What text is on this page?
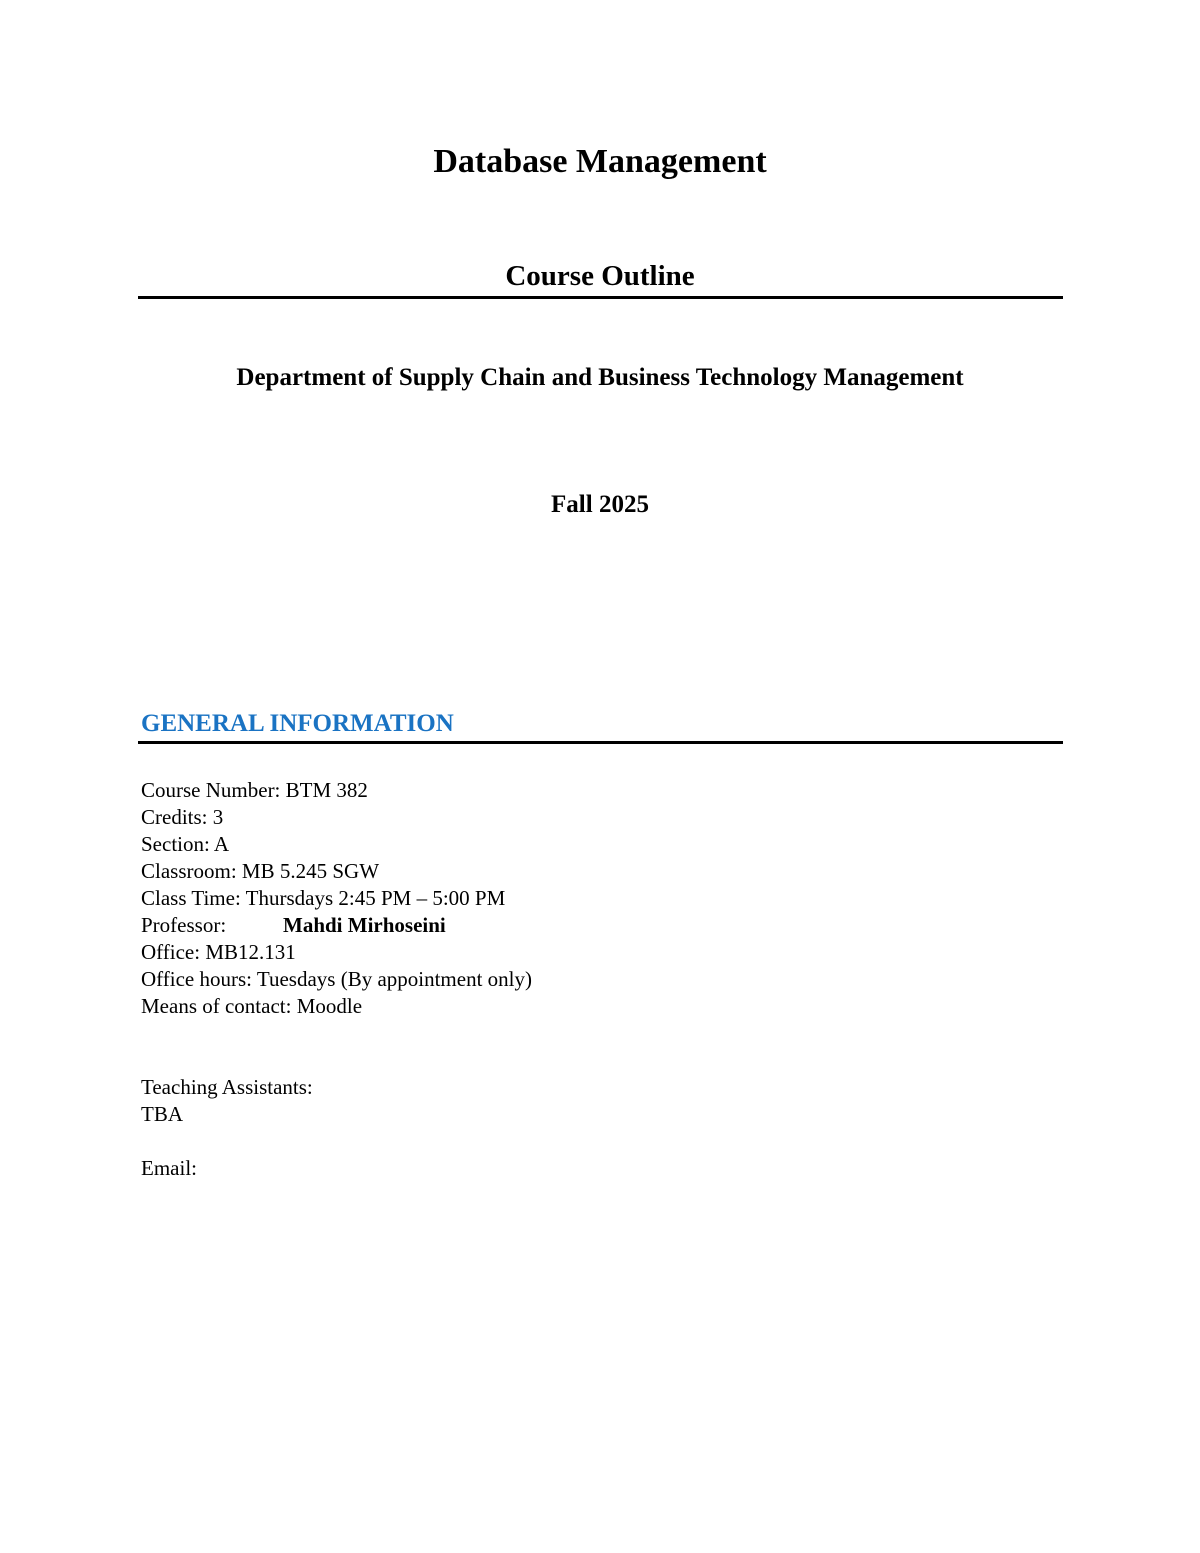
Database Management
Course Outline
Department of Supply Chain and Business Technology Management
Fall 2025
GENERAL INFORMATION
Course Number: BTM 382
Credits: 3
Section: A
Classroom: MB 5.245 SGW
Class Time: Thursdays 2:45 PM – 5:00 PM
Professor:	Mahdi Mirhoseini
Office: MB12.131
Office hours: Tuesdays (By appointment only)
Means of contact: Moodle
Teaching Assistants:
TBA
Email:
